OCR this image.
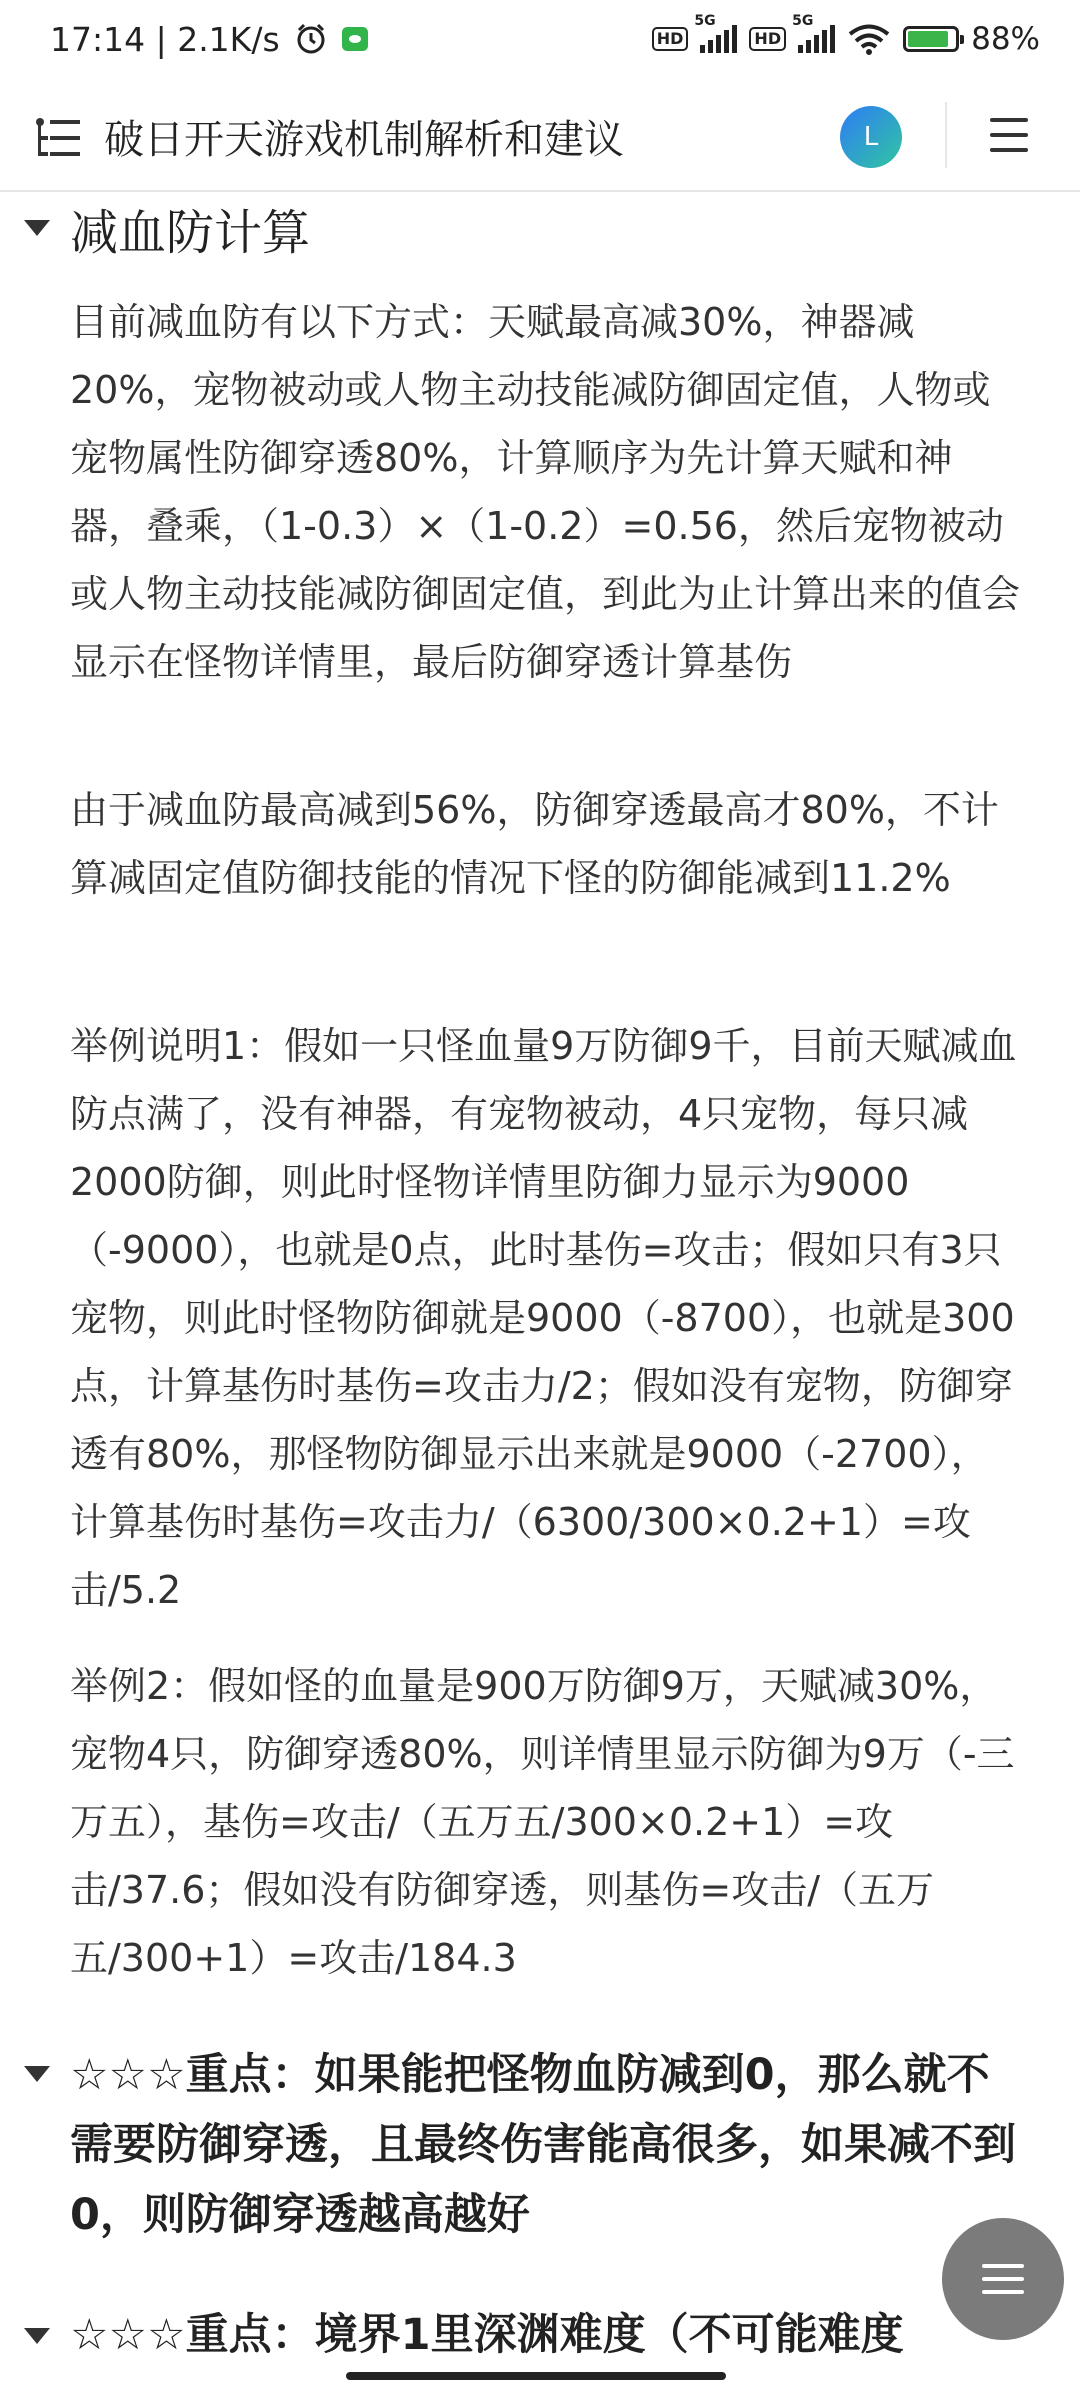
17:14 | 2.1K/s	HD
5G
HD
5G	88%
破日开天游戏机制解析和建议	L
减血防计算

目前减血防有以下方式：天赋最高减30%，神器减20%，宠物被动或人物主动技能减防御固定值，人物或宠物属性防御穿透80%，计算顺序为先计算天赋和神器，叠乘，（1-0.3）×（1-0.2）=0.56，然后宠物被动或人物主动技能减防御固定值，到此为止计算出来的值会显示在怪物详情里，最后防御穿透计算基伤

由于减血防最高减到56%，防御穿透最高才80%，不计算减固定值防御技能的情况下怪的防御能减到11.2%

举例说明1：假如一只怪血量9万防御9千，目前天赋减血防点满了，没有神器，有宠物被动，4只宠物，每只减2000防御，则此时怪物详情里防御力显示为9000（-9000），也就是0点，此时基伤=攻击；假如只有3只宠物，则此时怪物防御就是9000（-8700），也就是300点，计算基伤时基伤=攻击力/2；假如没有宠物，防御穿透有80%，那怪物防御显示出来就是9000（-2700），计算基伤时基伤=攻击力/（6300/300×0.2+1）=攻击/5.2

举例2：假如怪的血量是900万防御9万，天赋减30%，宠物4只，防御穿透80%，则详情里显示防御为9万（-三万五），基伤=攻击/（五万五/300×0.2+1）=攻击/37.6；假如没有防御穿透，则基伤=攻击/（五万五/300+1）=攻击/184.3

☆☆☆重点：如果能把怪物血防减到0，那么就不需要防御穿透，且最终伤害能高很多，如果减不到0，则防御穿透越高越好

☆☆☆重点：境界1里深渊难度（不可能难度
